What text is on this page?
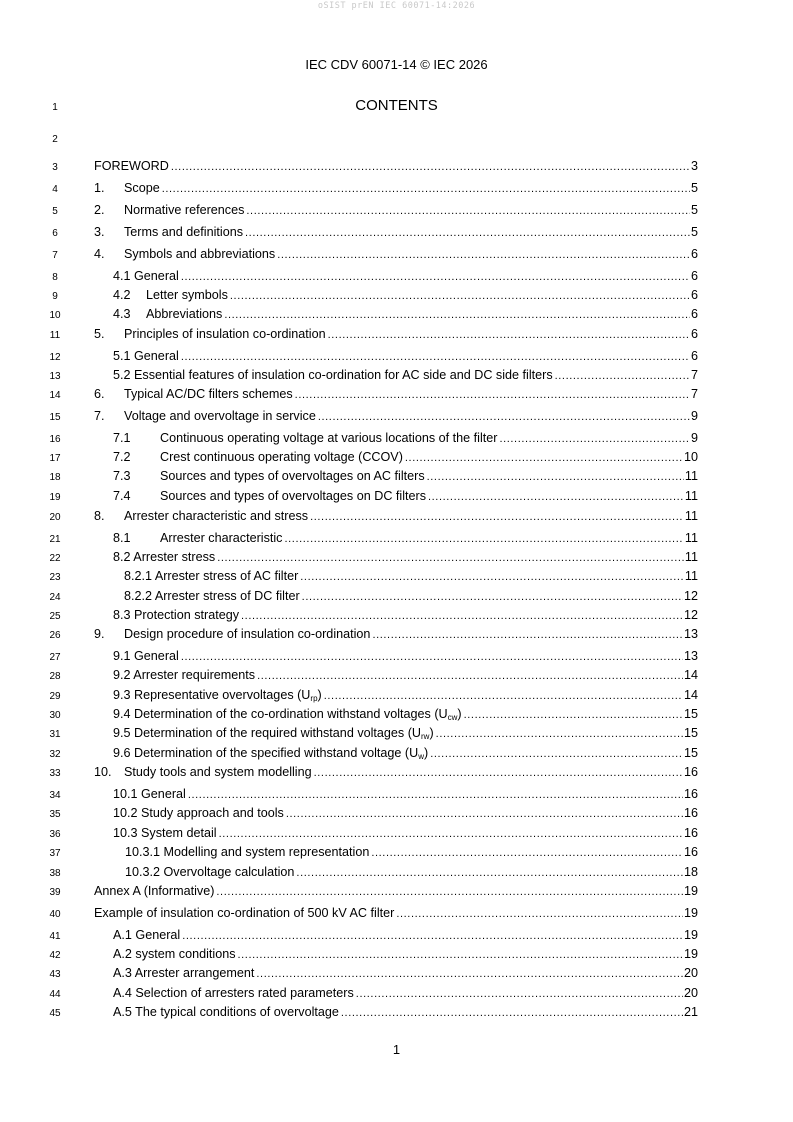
oSIST prEN IEC 60071-14:2026
IEC CDV 60071-14 © IEC 2026
CONTENTS
2
1
3	FOREWORD .....	3
4	1.	Scope .....	5
5	2.	Normative references .....	5
6	3.	Terms and definitions .....	5
7	4.	Symbols and abbreviations .....	6
8	4.1 General .....	6
9	4.2	Letter symbols .....	6
10	4.3	Abbreviations .....	6
11	5.	Principles of insulation co-ordination .....	6
12	5.1 General .....	6
13	5.2 Essential features of insulation co-ordination for AC side and DC side filters .....	7
14	6.	Typical AC/DC filters schemes .....	7
15	7.	Voltage and overvoltage in service .....	9
16	7.1	Continuous operating voltage at various locations of the filter .....	9
17	7.2	Crest continuous operating voltage (CCOV) .....	10
18	7.3	Sources and types of overvoltages on AC filters .....	11
19	7.4	Sources and types of overvoltages on DC filters .....	11
20	8.	Arrester characteristic and stress .....	11
21	8.1	Arrester characteristic .....	11
22	8.2 Arrester stress .....	11
23	8.2.1 Arrester stress of AC filter .....	11
24	8.2.2 Arrester stress of DC filter .....	12
25	8.3 Protection strategy .....	12
26	9.	Design procedure of insulation co-ordination .....	13
27	9.1 General .....	13
28	9.2 Arrester requirements .....	14
29	9.3 Representative overvoltages $(U_{rp})$ .....	14
30	9.4 Determination of the co-ordination withstand voltages $(U_{cw})$ .....	15
31	9.5 Determination of the required withstand voltages $(U_{rw})$ .....	15
32	9.6 Determination of the specified withstand voltage $(U_w)$ .....	15
33	10. Study tools and system modelling .....	16
34	10.1 General .....	16
35	10.2 Study approach and tools .....	16
36	10.3 System detail .....	16
37	10.3.1 Modelling and system representation .....	16
38	10.3.2 Overvoltage calculation .....	18
39	Annex A (Informative) .....	19
40	Example of insulation co-ordination of 500 kV AC filter .....	19
41	A.1 General .....	19
42	A.2 system conditions .....	19
43	A.3 Arrester arrangement .....	20
44	A.4 Selection of arresters rated parameters .....	20
45	A.5 The typical conditions of overvoltage .....	21
1
